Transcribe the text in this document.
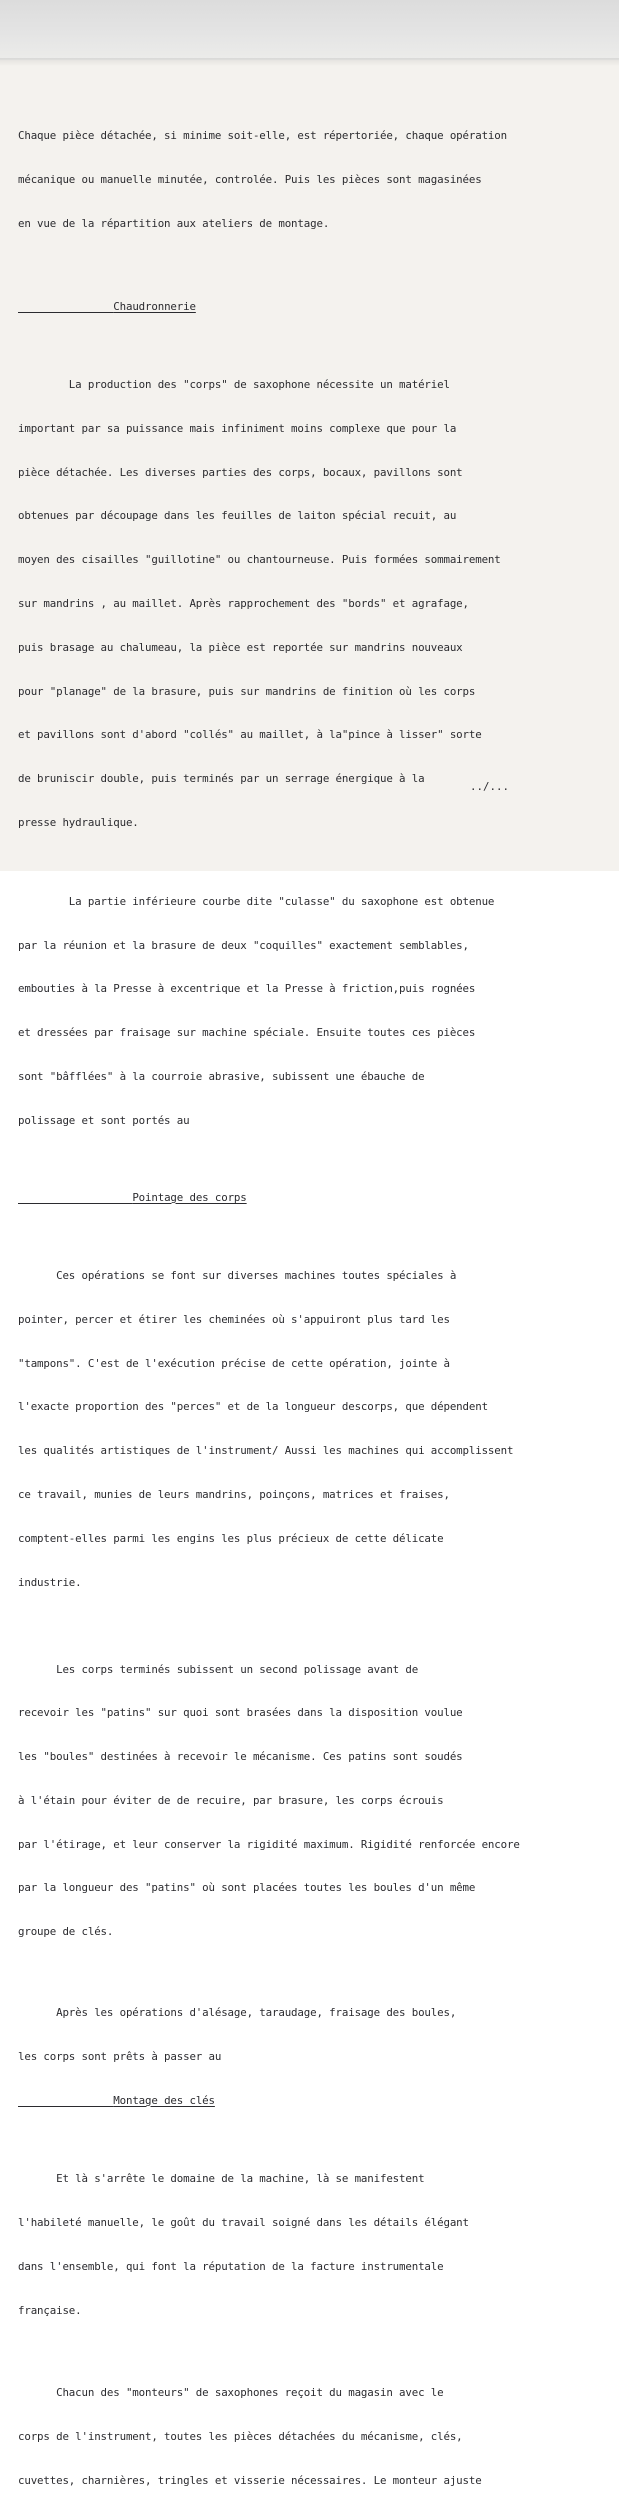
Chaque pièce détachée, si minime soit-elle, est répertoriée, chaque opération

mécanique ou manuelle minutée, controlée. Puis les pièces sont magasinées

en vue de la répartition aux ateliers de montage.

Chaudronnerie

La production des "corps" de saxophone nécessite un matériel

important par sa puissance mais infiniment moins complexe que pour la

pièce détachée. Les diverses parties des corps, bocaux, pavillons sont

obtenues par découpage dans les feuilles de laiton spécial recuit, au

moyen des cisailles "guillotine" ou chantourneuse. Puis formées sommairement

sur mandrins , au maillet. Après rapprochement des "bords" et agrafage,

puis brasage au chalumeau, la pièce est reportée sur mandrins nouveaux

pour "planage" de la brasure, puis sur mandrins de finition où les corps

et pavillons sont d'abord "collés" au maillet, à la"pince à lisser" sorte

de bruniscir double, puis terminés par un serrage énergique à la

presse hydraulique.

La partie inférieure courbe dite "culasse" du saxophone est obtenue

par la réunion et la brasure de deux "coquilles" exactement semblables,

embouties à la Presse à excentrique et la Presse à friction,puis rognées

et dressées par fraisage sur machine spéciale. Ensuite toutes ces pièces

sont "bâfflées" à la courroie abrasive, subissent une ébauche de

polissage et sont portés au

Pointage des corps

Ces opérations se font sur diverses machines toutes spéciales à

pointer, percer et étirer les cheminées où s'appuiront plus tard les

"tampons". C'est de l'exécution précise de cette opération, jointe à

l'exacte proportion des "perces" et de la longueur descorps, que dépendent

les qualités artistiques de l'instrument/ Aussi les machines qui accomplissent

ce travail, munies de leurs mandrins, poinçons, matrices et fraises,

comptent-elles parmi les engins les plus précieux de cette délicate

industrie.

Les corps terminés subissent un second polissage avant de

recevoir les "patins" sur quoi sont brasées dans la disposition voulue

les "boules" destinées à recevoir le mécanisme. Ces patins sont soudés

à l'étain pour éviter de de recuire, par brasure, les corps écrouis

par l'étirage, et leur conserver la rigidité maximum. Rigidité renforcée encore

par la longueur des "patins" où sont placées toutes les boules d'un même

groupe de clés.

Après les opérations d'alésage, taraudage, fraisage des boules,

les corps sont prêts à passer au

Montage des clés

Et là s'arrête le domaine de la machine, là se manifestent

l'habileté manuelle, le goût du travail soigné dans les détails élégant

dans l'ensemble, qui font la réputation de la facture instrumentale

française.

Chacun des "monteurs" de saxophones reçoit du magasin avec le

corps de l'instrument, toutes les pièces détachées du mécanisme, clés,

cuvettes, charnières, tringles et visserie nécessaires. Le monteur ajuste

../...
